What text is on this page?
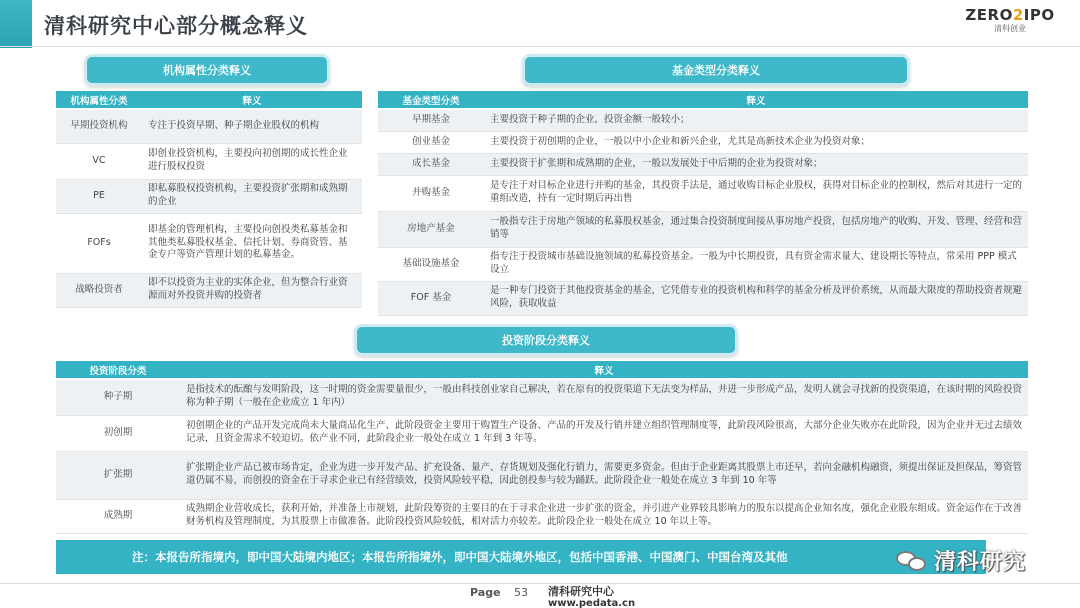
清科研究中心部分概念释义	ZERO2IPO
清科创业
机构属性分类释义	基金类型分类释义
投资阶段分类释义
机构属性分类	释义
早期投资机构	专注于投资早期、种子期企业股权的机构
VC	即创业投资机构，主要投向初创期的成长性企业进行股权投资
PE	即私募股权投资机构，主要投资扩张期和成熟期的企业
FOFs	即基金的管理机构，主要投向创投类私募基金和其他类私募股权基金、信托计划、券商资管、基金专户等资产管理计划的私募基金。
战略投资者	即不以投资为主业的实体企业，但为整合行业资源而对外投资并购的投资者
基金类型分类	释义
早期基金	主要投资于种子期的企业，投资金额一般较小；
创业基金	主要投资于初创期的企业，一般以中小企业和新兴企业，尤其是高新技术企业为投资对象；
成长基金	主要投资于扩张期和成熟期的企业，一般以发展处于中后期的企业为投资对象；
并购基金	是专注于对目标企业进行并购的基金，其投资手法是，通过收购目标企业股权，获得对目标企业的控制权，然后对其进行一定的重组改造，持有一定时期后再出售
房地产基金	一般指专注于房地产领域的私募股权基金，通过集合投资制度间接从事房地产投资，包括房地产的收购、开发、管理、经营和营销等
基础设施基金	指专注于投资城市基础设施领域的私募投资基金。一般为中长期投资，具有资金需求量大、建设期长等特点，常采用 PPP 模式设立
FOF 基金	是一种专门投资于其他投资基金的基金，它凭借专业的投资机构和科学的基金分析及评价系统，从而最大限度的帮助投资者规避风险，获取收益
投资阶段分类	释义
种子期	是指技术的酝酿与发明阶段，这一时期的资金需要量很少，一般由科技创业家自己解决，若在原有的投资渠道下无法变为样品，并进一步形成产品，发明人就会寻找新的投资渠道，在该时期的风险投资称为种子期（一般在企业成立 1 年内）
初创期	初创期企业的产品开发完成尚未大量商品化生产、此阶段资金主要用于购置生产设备、产品的开发及行销并建立组织管理制度等，此阶段风险很高，大部分企业失败亦在此阶段，因为企业并无过去绩效记录，且资金需求不较迫切。依产业不同，此阶段企业一般处在成立 1 年到 3 年等。
扩张期	扩张期企业产品已被市场肯定，企业为进一步开发产品、扩充设备、量产、存货规划及强化行销力，需要更多资金。但由于企业距离其股票上市还早，若向金融机构融资，须提出保证及担保品，筹资管道仍属不易，而创投的资金在于寻求企业已有经营绩效，投资风险较平稳，因此创投参与较为踊跃。此阶段企业一般处在成立 3 年到 10 年等
成熟期	成熟期企业营收成长，获利开始，并准备上市规划，此阶段筹资的主要目的在于寻求企业进一步扩张的资金，并引进产业界较具影响力的股东以提高企业知名度，强化企业股东组成。资金运作在于改善财务机构及管理制度，为其股票上市做准备。此阶段投资风险较低，相对活力亦较差。此阶段企业一般处在成立 10 年以上等。
注：本报告所指境内，即中国大陆境内地区；本报告所指境外，即中国大陆境外地区，包括中国香港、中国澳门、中国台湾及其他	清科研究
Page 53 清科研究中心
www.pedata.cn
